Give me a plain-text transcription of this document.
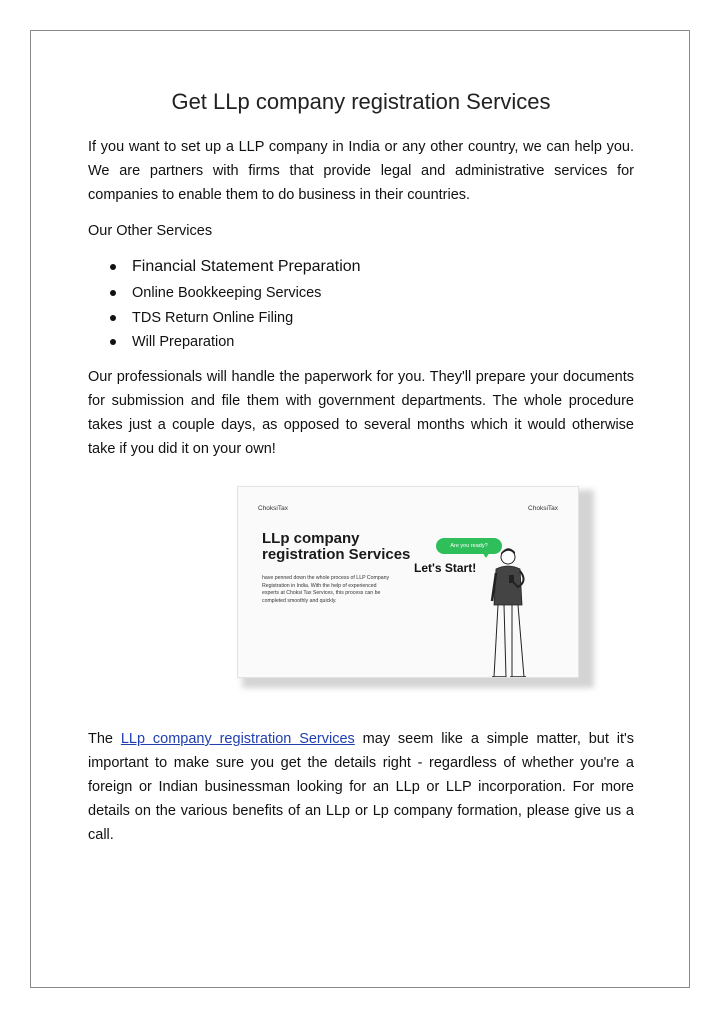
Get LLp company registration Services

If you want to set up a LLP company in India or any other country, we can help you. We are partners with firms that provide legal and administrative services for companies to enable them to do business in their countries.

Our Other Services

Financial Statement Preparation
Online Bookkeeping Services
TDS Return Online Filing
Will Preparation

Our professionals will handle the paperwork for you. They'll prepare your documents for submission and file them with government departments. The whole procedure takes just a couple days, as opposed to several months which it would otherwise take if you did it on your own!

ChoksiTax	ChoksiTax
LLp company
registration Services
have penned down the whole process of LLP Company Registration in India. With the help of experienced experts at Choksi Tax Services, this process can be completed smoothly and quickly.
Are you ready?
Let's Start!

The LLp company registration Services may seem like a simple matter, but it's important to make sure you get the details right - regardless of whether you're a foreign or Indian businessman looking for an LLp or LLP incorporation. For more details on the various benefits of an LLp or Lp company formation, please give us a call.
